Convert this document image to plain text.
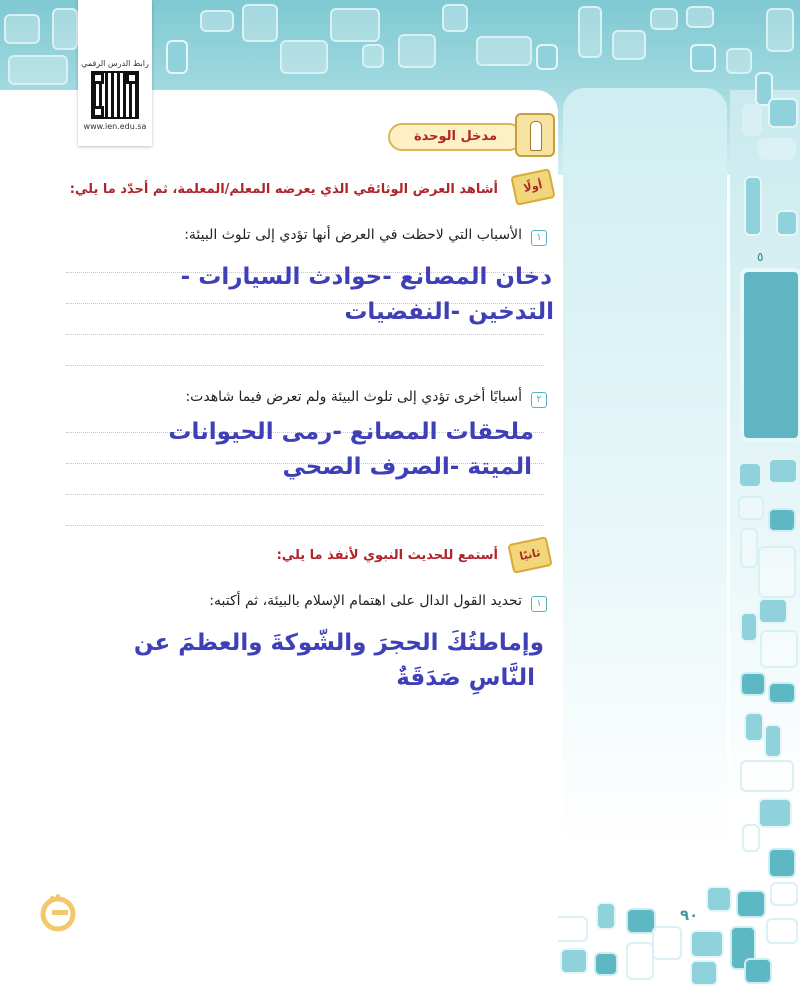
٥
رابط الدرس الرقمي
www.ien.edu.sa
مدخل الوحدة
أولًا
أشاهد العرض الوثائقي الذي يعرضه المعلم/المعلمة، ثم أحدّد ما يلي:
١
الأسباب التي لاحظت في العرض أنها تؤدي إلى تلوث البيئة:
دخان المصانع -حوادث السيارات -
التدخين -النفضيات
٢
أسبابًا أخرى تؤدي إلى تلوث البيئة ولم تعرض فيما شاهدت:
ملحقات المصانع -رمى الحيوانات
الميتة -الصرف الصحي
ثانيًا
أستمع للحديث النبوي لأنفذ ما يلي:
١
تحديد القول الدال على اهتمام الإسلام بالبيئة، ثم أكتبه:
وإماطتُكَ الحجرَ والشّوكةَ والعظمَ عن
النَّاسِ صَدَقَةٌ
٩٠
